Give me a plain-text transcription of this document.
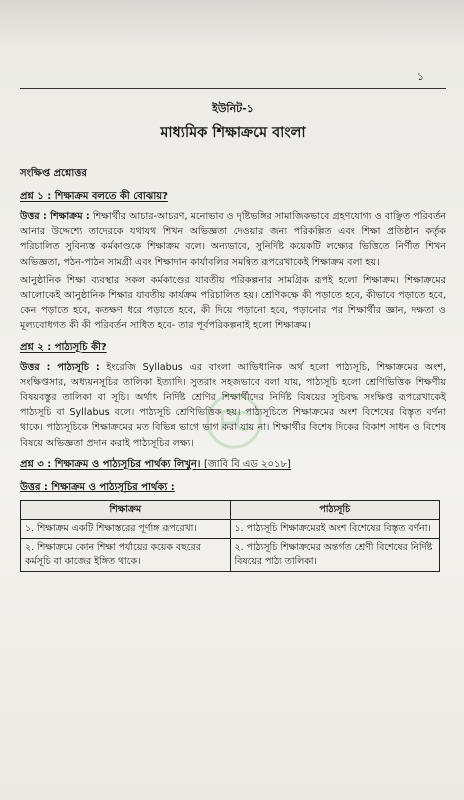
১
ইউনিট-১
মাধ্যমিক শিক্ষাক্রমে বাংলা
সংক্ষিপ্ত প্রশ্নোত্তর
প্রশ্ন ১ : শিক্ষাক্রম বলতে কী বোঝায়?

উত্তর : শিক্ষাক্রম : শিক্ষার্থীর আচার-আচরণ, মনোভাব ও দৃষ্টিভঙ্গির সামাজিকভাবে গ্রহণযোগ্য ও বাঞ্ছিত পরিবর্তন আনার উদ্দেশ্যে তাদেরকে যথাযথ শিখন অভিজ্ঞতা দেওয়ার জন্য পরিকল্পিত এবং শিক্ষা প্রতিষ্ঠান কর্তৃক পরিচালিত সুবিন্যস্ত কর্মকাণ্ডকে শিক্ষাক্রম বলে। অন্যভাবে, সুনির্দিষ্ট কয়েকটি লক্ষ্যের ভিত্তিতে নির্ণীত শিখন অভিজ্ঞতা, পঠন-পাঠন সামগ্রী এবং শিক্ষাদান কার্যাবলির সমন্বিত রূপরেখাকেই শিক্ষাক্রম বলা হয়।

আনুষ্ঠানিক শিক্ষা ব্যবস্থার সকল কর্মকাণ্ডের যাবতীয় পরিকল্পনার সামগ্রিক রূপই হলো শিক্ষাক্রম। শিক্ষাক্রমের আলোকেই আনুষ্ঠানিক শিক্ষার যাবতীয় কার্যক্রম পরিচালিত হয়। শ্রেণিকক্ষে কী পড়াতে হবে, কীভাবে পড়াতে হবে, কেন পড়াতে হবে, কতক্ষণ ধরে পড়াতে হবে, কী দিয়ে পড়ানো হবে, পড়ানোর পর শিক্ষার্থীর জ্ঞান, দক্ষতা ও মূল্যবোধগত কী কী পরিবর্তন সাধিত হবে- তার পূর্বপরিকল্পনাই হলো শিক্ষাক্রম।

প্রশ্ন ২ : পাঠ্যসূচি কী?

উত্তর : পাঠ্যসূচি : ইংরেজি Syllabus এর বাংলা আভিধানিক অর্থ হলো পাঠ্যসূচি, শিক্ষাক্রমের অংশ, সংক্ষিপ্তসার, অধ্যয়নসূচির তালিকা ইত্যাদি। সুতরাং সহজভাবে বলা যায়, পাঠ্যসূচি হলো শ্রেণিভিত্তিক শিক্ষণীয় বিষয়বস্তুর তালিকা বা সূচি। অর্থাৎ নির্দিষ্ট শ্রেণির শিক্ষার্থীদের নির্দিষ্ট বিষয়ের সূচিবদ্ধ সংক্ষিপ্ত রূপরেখাকেই পাঠ্যসূচি বা Syllabus বলে। পাঠ্যসূচি শ্রেণিভিত্তিক হয়। পাঠ্যসূচিতে শিক্ষাক্রমের অংশ বিশেষের বিস্তৃত বর্ণনা থাকে। পাঠ্যসূচিকে শিক্ষাক্রমের মত বিভিন্ন ভাগে ভাগ করা যায় না। শিক্ষার্থীর বিশেষ দিকের বিকাশ সাধন ও বিশেষ বিষয়ে অভিজ্ঞতা প্রদান করাই পাঠ্যসূচির লক্ষ্য।

প্রশ্ন ৩ : শিক্ষাক্রম ও পাঠ্যসূচির পার্থক্য লিখুন। [জাবি বি এড ২০১৮]
উত্তর : শিক্ষাক্রম ও পাঠ্যসূচির পার্থক্য :
শিক্ষাক্রম	পাঠ্যসূচি
১. শিক্ষাক্রম একটি শিক্ষাস্তরের পূর্ণাঙ্গ রূপরেখা।	১. পাঠ্যসূচি শিক্ষাক্রমেরই অংশ বিশেষের বিস্তৃত বর্ণনা।
২. শিক্ষাক্রমে কোন শিক্ষা পর্যায়ের কয়েক বছরের কর্মসূচি বা কাজের ইঙ্গিত থাকে।	২. পাঠ্যসূচি শিক্ষাক্রমের অন্তর্গত শ্রেণী বিশেষের নির্দিষ্ট বিষয়ের পাঠ্য তালিকা।
